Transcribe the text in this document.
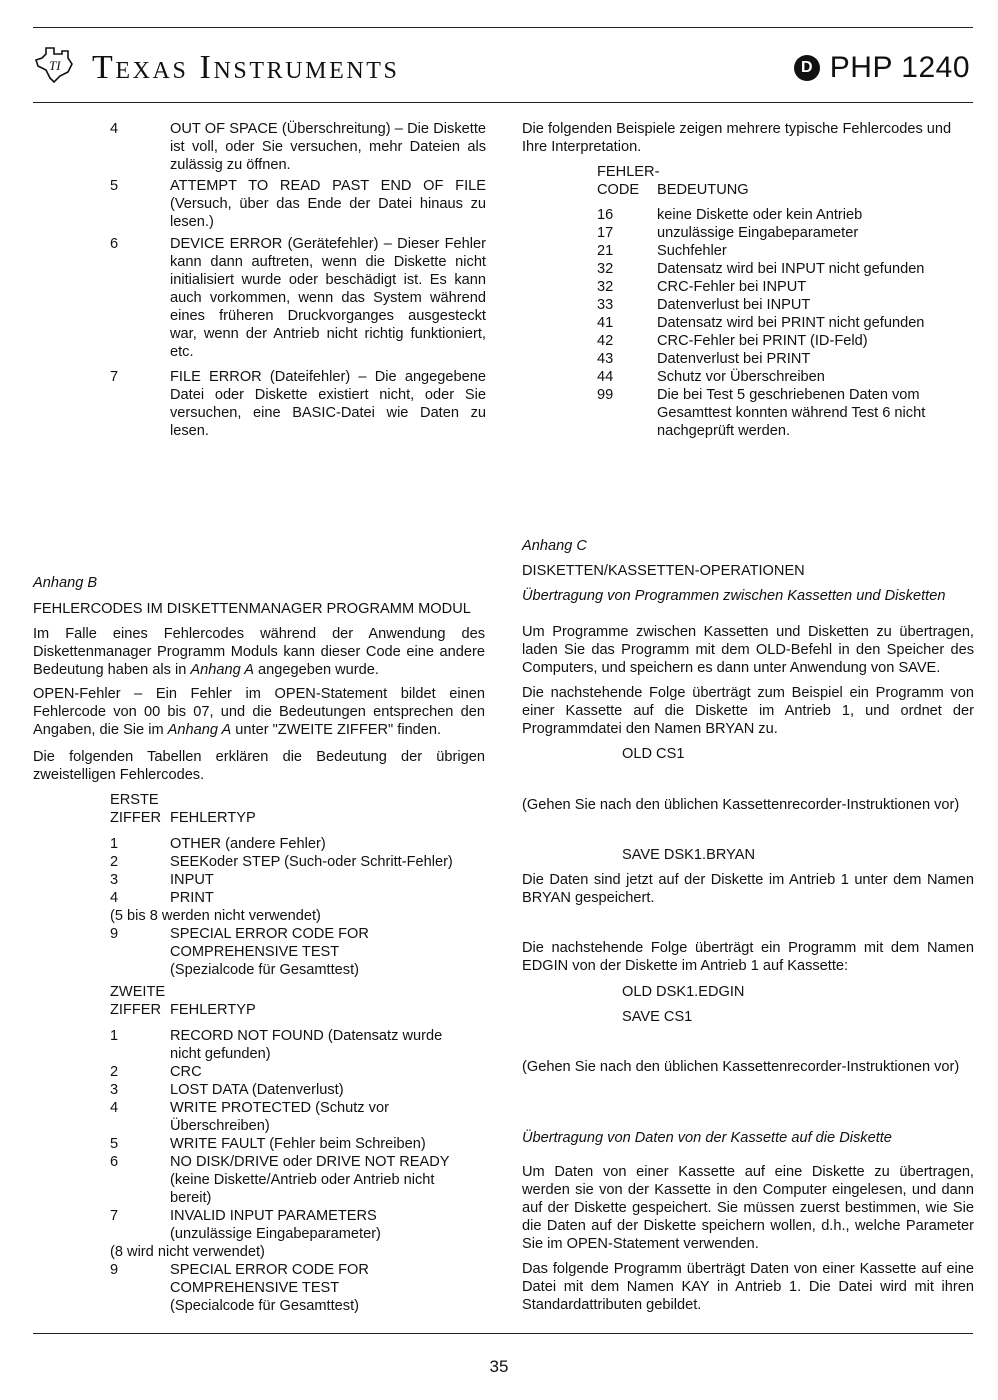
TI Texas Instruments	D PHP 1240
4	OUT OF SPACE (Überschreitung) – Die Diskette ist voll, oder Sie versuchen, mehr Dateien als zulässig zu öffnen.
5	ATTEMPT TO READ PAST END OF FILE (Versuch, über das Ende der Datei hinaus zu lesen.)
6	DEVICE ERROR (Gerätefehler) – Dieser Fehler kann dann auftreten, wenn die Diskette nicht initialisiert wurde oder beschädigt ist. Es kann auch vorkommen, wenn das System während eines früheren Druckvorganges ausgesteckt war, wenn der Antrieb nicht richtig funktioniert, etc.
7	FILE ERROR (Dateifehler) – Die angegebene Datei oder Diskette existiert nicht, oder Sie versuchen, eine BASIC-Datei wie Daten zu lesen.

Die folgenden Beispiele zeigen mehrere typische Fehlercodes und Ihre Interpretation.

FEHLER-
CODE	BEDEUTUNG
16	keine Diskette oder kein Antrieb
17	unzulässige Eingabeparameter
21	Suchfehler
32	Datensatz wird bei INPUT nicht gefunden
32	CRC-Fehler bei INPUT
33	Datenverlust bei INPUT
41	Datensatz wird bei PRINT nicht gefunden
42	CRC-Fehler bei PRINT (ID-Feld)
43	Datenverlust bei PRINT
44	Schutz vor Überschreiben
99	Die bei Test 5 geschriebenen Daten vom Gesamttest konnten während Test 6 nicht nachgeprüft werden.

Anhang B

FEHLERCODES IM DISKETTENMANAGER PROGRAMM MODUL

Im Falle eines Fehlercodes während der Anwendung des Diskettenmanager Programm Moduls kann dieser Code eine andere Bedeutung haben als in Anhang A angegeben wurde.

OPEN-Fehler – Ein Fehler im OPEN-Statement bildet einen Fehlercode von 00 bis 07, und die Bedeutungen entsprechen den Angaben, die Sie im Anhang A unter "ZWEITE ZIFFER" finden.

Die folgenden Tabellen erklären die Bedeutung der übrigen zweistelligen Fehlercodes.

ERSTE
ZIFFER FEHLERTYP
1	OTHER (andere Fehler)
2	SEEKoder STEP (Such-oder Schritt-Fehler)
3	INPUT
4	PRINT
(5 bis 8 werden nicht verwendet)
9	SPECIAL ERROR CODE FOR
COMPREHENSIVE TEST
(Spezialcode für Gesamttest)
ZWEITE
ZIFFER FEHLERTYP
1	RECORD NOT FOUND (Datensatz wurde
nicht gefunden)
2	CRC
3	LOST DATA (Datenverlust)
4	WRITE PROTECTED (Schutz vor
Überschreiben)
5	WRITE FAULT (Fehler beim Schreiben)
6	NO DISK/DRIVE oder DRIVE NOT READY
(keine Diskette/Antrieb oder Antrieb nicht
bereit)
7	INVALID INPUT PARAMETERS
(unzulässige Eingabeparameter)
(8 wird nicht verwendet)
9	SPECIAL ERROR CODE FOR
COMPREHENSIVE TEST
(Specialcode für Gesamttest)

Anhang C

DISKETTEN/KASSETTEN-OPERATIONEN

Übertragung von Programmen zwischen Kassetten und Disketten

Um Programme zwischen Kassetten und Disketten zu übertragen, laden Sie das Programm mit dem OLD-Befehl in den Speicher des Computers, und speichern es dann unter Anwendung von SAVE.

Die nachstehende Folge überträgt zum Beispiel ein Programm von einer Kassette auf die Diskette im Antrieb 1, und ordnet der Programmdatei den Namen BRYAN zu.

OLD CS1

(Gehen Sie nach den üblichen Kassettenrecorder-Instruktionen vor)

SAVE DSK1.BRYAN

Die Daten sind jetzt auf der Diskette im Antrieb 1 unter dem Namen BRYAN gespeichert.

Die nachstehende Folge überträgt ein Programm mit dem Namen EDGIN von der Diskette im Antrieb 1 auf Kassette:

OLD DSK1.EDGIN

SAVE CS1

(Gehen Sie nach den üblichen Kassettenrecorder-Instruktionen vor)

Übertragung von Daten von der Kassette auf die Diskette

Um Daten von einer Kassette auf eine Diskette zu übertragen, werden sie von der Kassette in den Computer eingelesen, und dann auf der Diskette gespeichert. Sie müssen zuerst bestimmen, wie Sie die Daten auf der Diskette speichern wollen, d.h., welche Parameter Sie im OPEN-Statement verwenden.

Das folgende Programm überträgt Daten von einer Kassette auf eine Datei mit dem Namen KAY in Antrieb 1. Die Datei wird mit ihren Standardattributen gebildet.

35
